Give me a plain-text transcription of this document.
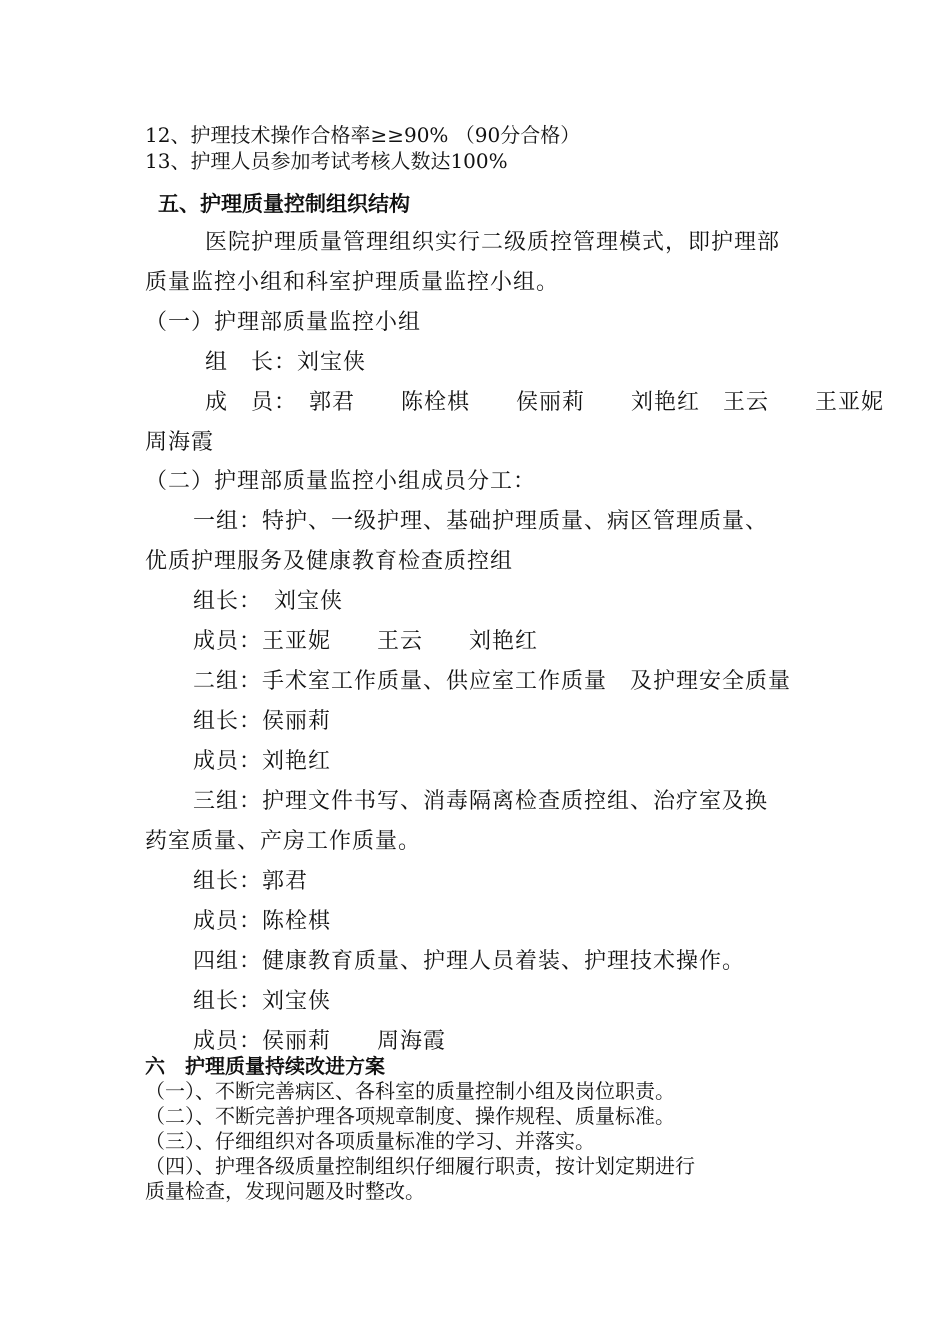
12、护理技术操作合格率≥≥90% （90分合格）
13、护理人员参加考试考核人数达100%
五、护理质量控制组织结构
医院护理质量管理组织实行二级质控管理模式，即护理部
质量监控小组和科室护理质量监控小组。
（一）护理部质量监控小组
组　长：刘宝侠
成　员：　郭君　　陈栓棋　　侯丽莉　　刘艳红　王云　　王亚妮
周海霞
（二）护理部质量监控小组成员分工：
一组：特护、一级护理、基础护理质量、病区管理质量、
优质护理服务及健康教育检查质控组
组长：　刘宝侠
成员：王亚妮　　王云　　刘艳红
二组：手术室工作质量、供应室工作质量　及护理安全质量
组长：侯丽莉
成员：刘艳红
三组：护理文件书写、消毒隔离检查质控组、治疗室及换
药室质量、产房工作质量。
组长：郭君
成员：陈栓棋
四组：健康教育质量、护理人员着装、护理技术操作。
组长：刘宝侠
成员：侯丽莉　　周海霞
六　护理质量持续改进方案
（一）、不断完善病区、各科室的质量控制小组及岗位职责。
（二）、不断完善护理各项规章制度、操作规程、质量标准。
（三）、仔细组织对各项质量标准的学习、并落实。
（四）、护理各级质量控制组织仔细履行职责，按计划定期进行
质量检查，发现问题及时整改。
